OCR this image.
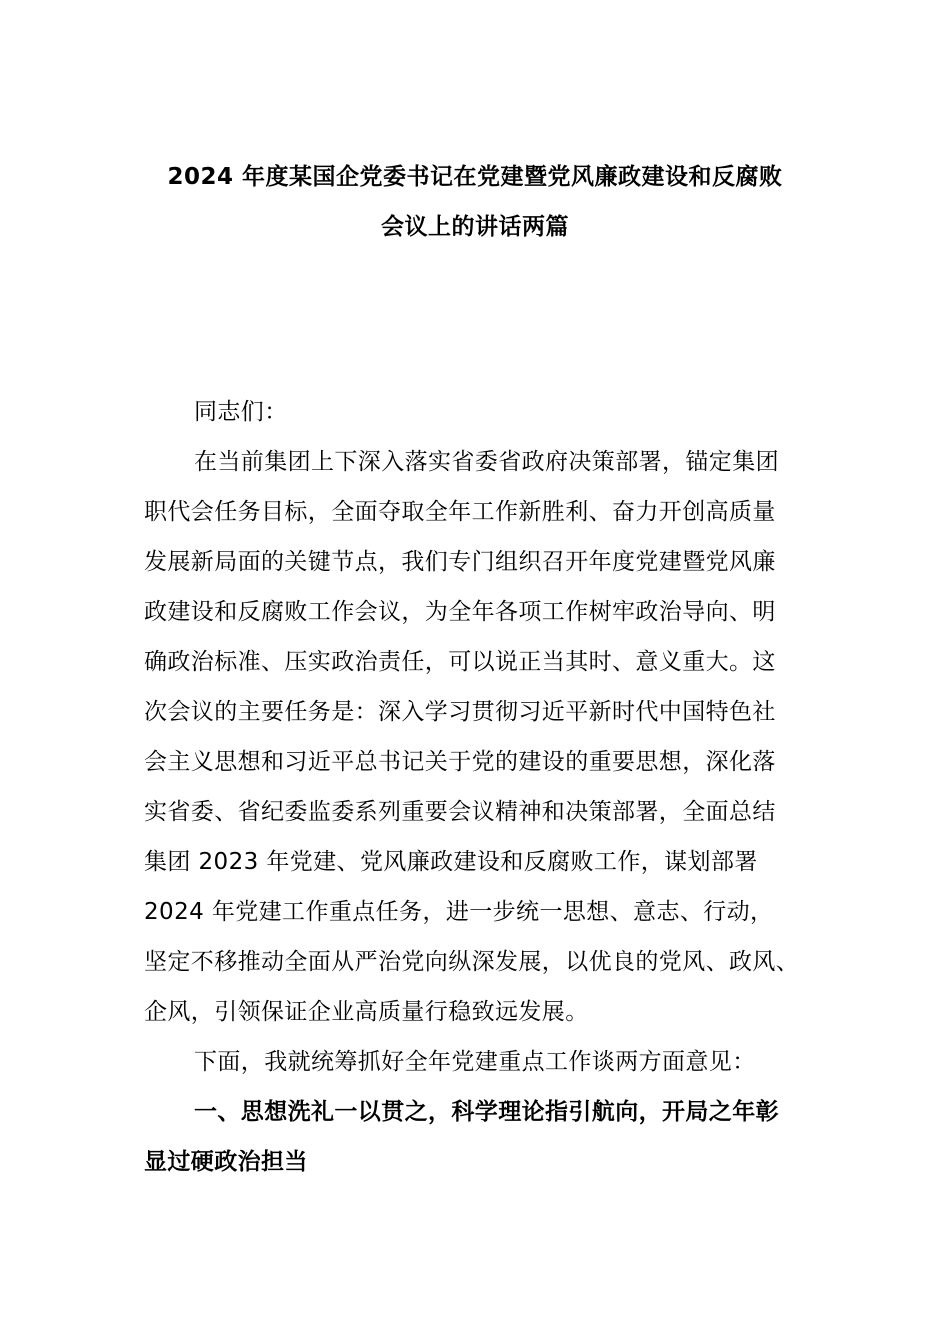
2024 年度某国企党委书记在党建暨党风廉政建设和反腐败
会议上的讲话两篇
同志们：
在当前集团上下深入落实省委省政府决策部署，锚定集团
职代会任务目标，全面夺取全年工作新胜利、奋力开创高质量
发展新局面的关键节点，我们专门组织召开年度党建暨党风廉
政建设和反腐败工作会议，为全年各项工作树牢政治导向、明
确政治标准、压实政治责任，可以说正当其时、意义重大。这
次会议的主要任务是：深入学习贯彻习近平新时代中国特色社
会主义思想和习近平总书记关于党的建设的重要思想，深化落
实省委、省纪委监委系列重要会议精神和决策部署，全面总结
集团 2023 年党建、党风廉政建设和反腐败工作，谋划部署
2024 年党建工作重点任务，进一步统一思想、意志、行动，
坚定不移推动全面从严治党向纵深发展，以优良的党风、政风、
企风，引领保证企业高质量行稳致远发展。
下面，我就统筹抓好全年党建重点工作谈两方面意见：
一、思想洗礼一以贯之，科学理论指引航向，开局之年彰
显过硬政治担当
